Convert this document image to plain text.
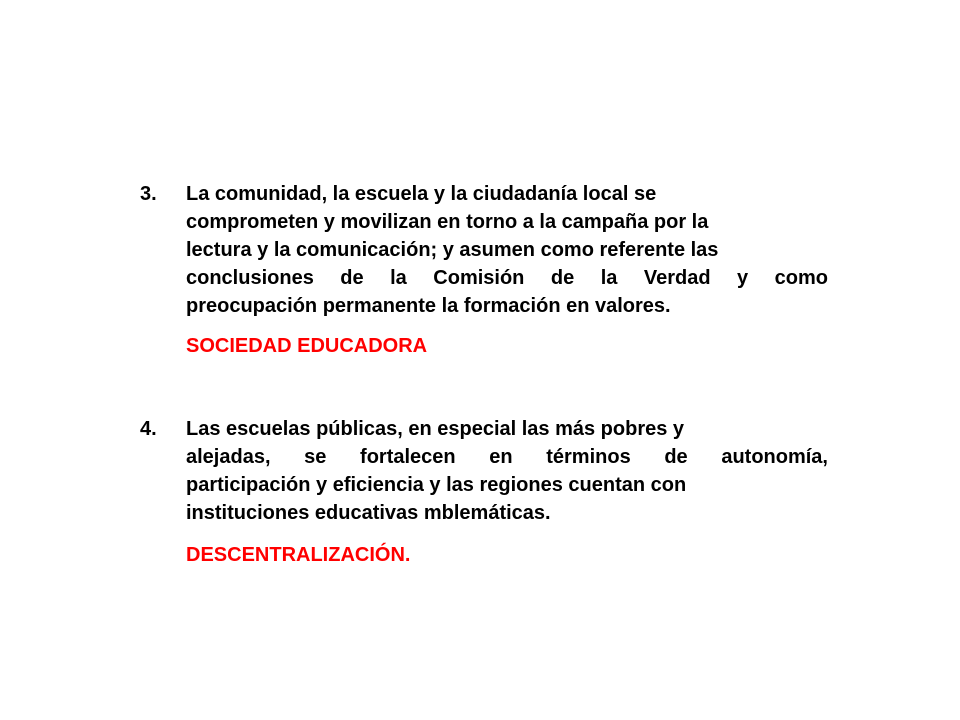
3. La comunidad, la escuela y la ciudadanía local se
comprometen y movilizan en torno a la campaña por la
lectura y la comunicación; y asumen como referente las
conclusiones de la Comisión de la Verdad y como
preocupación permanente la formación en valores.
SOCIEDAD EDUCADORA
4. Las escuelas públicas, en especial las más pobres y
alejadas, se fortalecen en términos de autonomía,
participación y eficiencia y las regiones cuentan con
instituciones educativas mblemáticas.
DESCENTRALIZACIÓN.
